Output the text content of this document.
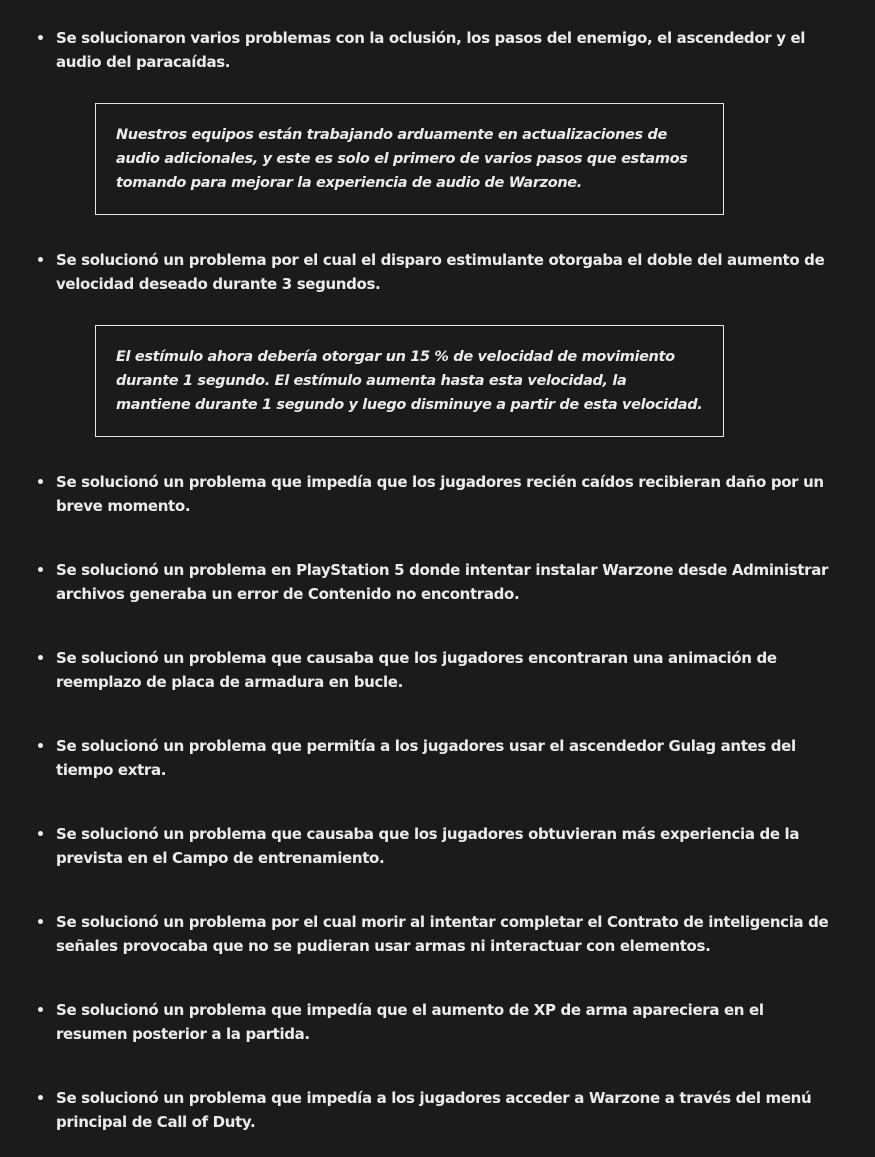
Se solucionaron varios problemas con la oclusión, los pasos del enemigo, el ascendedor y el audio del paracaídas.

Nuestros equipos están trabajando arduamente en actualizaciones de audio adicionales, y este es solo el primero de varios pasos que estamos tomando para mejorar la experiencia de audio de Warzone.

Se solucionó un problema por el cual el disparo estimulante otorgaba el doble del aumento de velocidad deseado durante 3 segundos.

El estímulo ahora debería otorgar un 15 % de velocidad de movimiento durante 1 segundo. El estímulo aumenta hasta esta velocidad, la mantiene durante 1 segundo y luego disminuye a partir de esta velocidad.

Se solucionó un problema que impedía que los jugadores recién caídos recibieran daño por un breve momento.
Se solucionó un problema en PlayStation 5 donde intentar instalar Warzone desde Administrar archivos generaba un error de Contenido no encontrado.
Se solucionó un problema que causaba que los jugadores encontraran una animación de reemplazo de placa de armadura en bucle.
Se solucionó un problema que permitía a los jugadores usar el ascendedor Gulag antes del tiempo extra.
Se solucionó un problema que causaba que los jugadores obtuvieran más experiencia de la prevista en el Campo de entrenamiento.
Se solucionó un problema por el cual morir al intentar completar el Contrato de inteligencia de señales provocaba que no se pudieran usar armas ni interactuar con elementos.
Se solucionó un problema que impedía que el aumento de XP de arma apareciera en el resumen posterior a la partida.
Se solucionó un problema que impedía a los jugadores acceder a Warzone a través del menú principal de Call of Duty.
